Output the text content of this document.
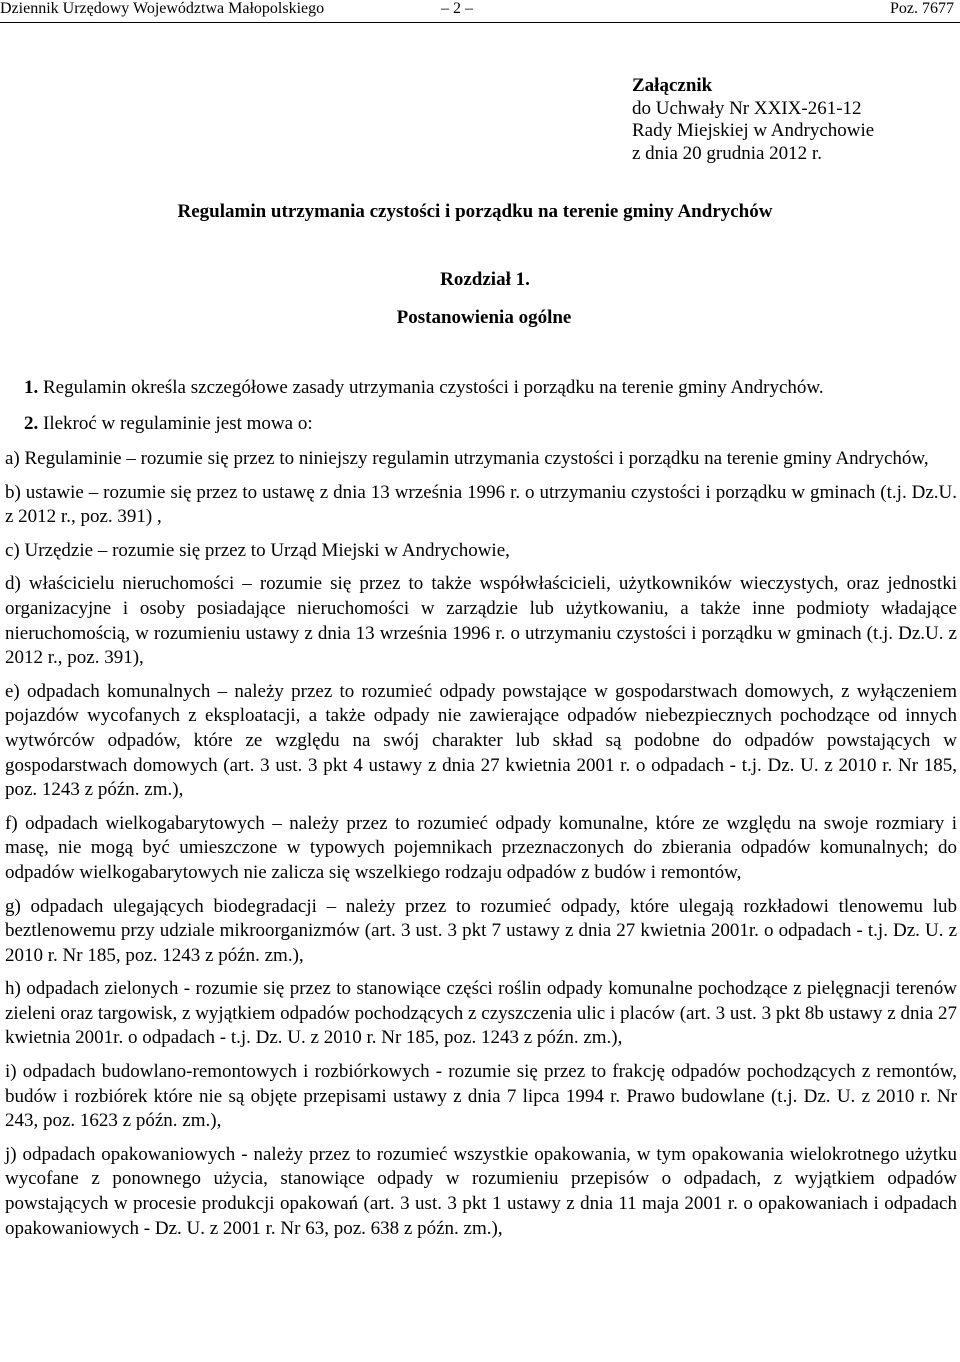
Dziennik Urzędowy Województwa Małopolskiego	– 2 –	Poz. 7677
Załącznik
do Uchwały Nr XXIX-261-12
Rady Miejskiej w Andrychowie
z dnia 20 grudnia 2012 r.
Regulamin utrzymania czystości i porządku na terenie gminy Andrychów
Rozdział 1.
Postanowienia ogólne
1. Regulamin określa szczegółowe zasady utrzymania czystości i porządku na terenie gminy Andrychów.
2. Ilekroć w regulaminie jest mowa o:
a) Regulaminie – rozumie się przez to niniejszy regulamin utrzymania czystości i porządku na terenie gminy Andrychów,
b) ustawie – rozumie się przez to ustawę z dnia 13 września 1996 r. o utrzymaniu czystości i porządku w gminach (t.j. Dz.U. z 2012 r., poz. 391) ,
c) Urzędzie – rozumie się przez to Urząd Miejski w Andrychowie,
d) właścicielu nieruchomości – rozumie się przez to także współwłaścicieli, użytkowników wieczystych, oraz jednostki organizacyjne i osoby posiadające nieruchomości w zarządzie lub użytkowaniu, a także inne podmioty władające nieruchomością, w rozumieniu ustawy z dnia 13 września 1996 r. o utrzymaniu czystości i porządku w gminach (t.j. Dz.U. z 2012 r., poz. 391),
e) odpadach komunalnych – należy przez to rozumieć odpady powstające w gospodarstwach domowych, z wyłączeniem pojazdów wycofanych z eksploatacji, a także odpady nie zawierające odpadów niebezpiecznych pochodzące od innych wytwórców odpadów, które ze względu na swój charakter lub skład są podobne do odpadów powstających w gospodarstwach domowych (art. 3 ust. 3 pkt 4 ustawy z dnia 27 kwietnia 2001 r. o odpadach - t.j. Dz. U. z 2010 r. Nr 185, poz. 1243 z późn. zm.),
f) odpadach wielkogabarytowych – należy przez to rozumieć odpady komunalne, które ze względu na swoje rozmiary i masę, nie mogą być umieszczone w typowych pojemnikach przeznaczonych do zbierania odpadów komunalnych; do odpadów wielkogabarytowych nie zalicza się wszelkiego rodzaju odpadów z budów i remontów,
g) odpadach ulegających biodegradacji – należy przez to rozumieć odpady, które ulegają rozkładowi tlenowemu lub beztlenowemu przy udziale mikroorganizmów (art. 3 ust. 3 pkt 7 ustawy z dnia 27 kwietnia 2001r. o odpadach - t.j. Dz. U. z 2010 r. Nr 185, poz. 1243 z późn. zm.),
h) odpadach zielonych - rozumie się przez to stanowiące części roślin odpady komunalne pochodzące z pielęgnacji terenów zieleni oraz targowisk, z wyjątkiem odpadów pochodzących z czyszczenia ulic i placów (art. 3 ust. 3 pkt 8b ustawy z dnia 27 kwietnia 2001r. o odpadach - t.j. Dz. U. z 2010 r. Nr 185, poz. 1243 z późn. zm.),
i) odpadach budowlano-remontowych i rozbiórkowych - rozumie się przez to frakcję odpadów pochodzących z remontów, budów i rozbiórek które nie są objęte przepisami ustawy z dnia 7 lipca 1994 r. Prawo budowlane (t.j. Dz. U. z 2010 r. Nr 243, poz. 1623 z późn. zm.),
j) odpadach opakowaniowych - należy przez to rozumieć wszystkie opakowania, w tym opakowania wielokrotnego użytku wycofane z ponownego użycia, stanowiące odpady w rozumieniu przepisów o odpadach, z wyjątkiem odpadów powstających w procesie produkcji opakowań (art. 3 ust. 3 pkt 1 ustawy z dnia 11 maja 2001 r. o opakowaniach i odpadach opakowaniowych - Dz. U. z 2001 r. Nr 63, poz. 638 z późn. zm.),
